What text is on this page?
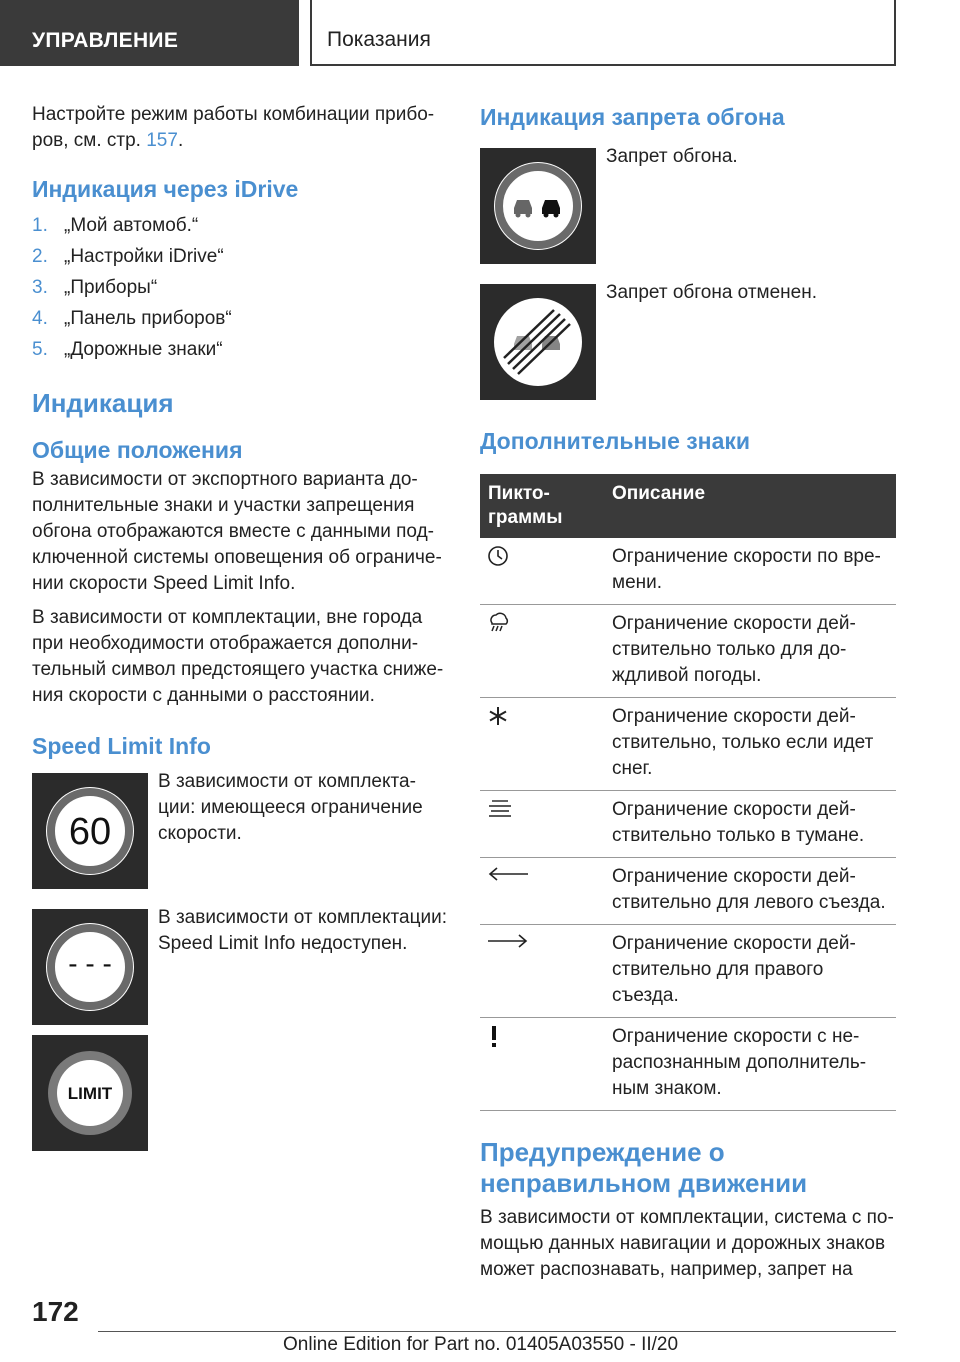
УПРАВЛЕНИЕ	Показания

Настройте режим работы комбинации прибо-ров, см. стр. 157.

Индикация через iDrive
1. „Мой автомоб.“
2. „Настройки iDrive“
3. „Приборы“
4. „Панель приборов“
5. „Дорожные знаки“
Индикация
Общие положения

В зависимости от экспортного варианта до-полнительные знаки и участки запрещения обгона отображаются вместе с данными под-ключенной системы оповещения об ограниче-нии скорости Speed Limit Info.

В зависимости от комплектации, вне города при необходимости отображается дополни-тельный символ предстоящего участка сниже-ния скорости с данными о расстоянии.

Speed Limit Info
60

В зависимости от комплекта-ции: имеющееся ограничение скорости.

- - -

В зависимости от комплектации: Speed Limit Info недоступен.

LIMIT
Индикация запрета обгона

Запрет обгона.

Запрет обгона отменен.

Дополнительные знаки
Пикто-граммы	Описание
	Ограничение скорости по вре-мени.
	Ограничение скорости дей-ствительно только для до-ждливой погоды.
	Ограничение скорости дей-ствительно, только если идет снег.
	Ограничение скорости дей-ствительно только в тумане.
	Ограничение скорости дей-ствительно для левого съезда.
	Ограничение скорости дей-ствительно для правого съезда.
	Ограничение скорости с не-распознанным дополнитель-ным знаком.
Предупреждение о неправильном движении

В зависимости от комплектации, система с по-мощью данных навигации и дорожных знаков может распознавать, например, запрет на

172
Online Edition for Part no. 01405A03550 - II/20
